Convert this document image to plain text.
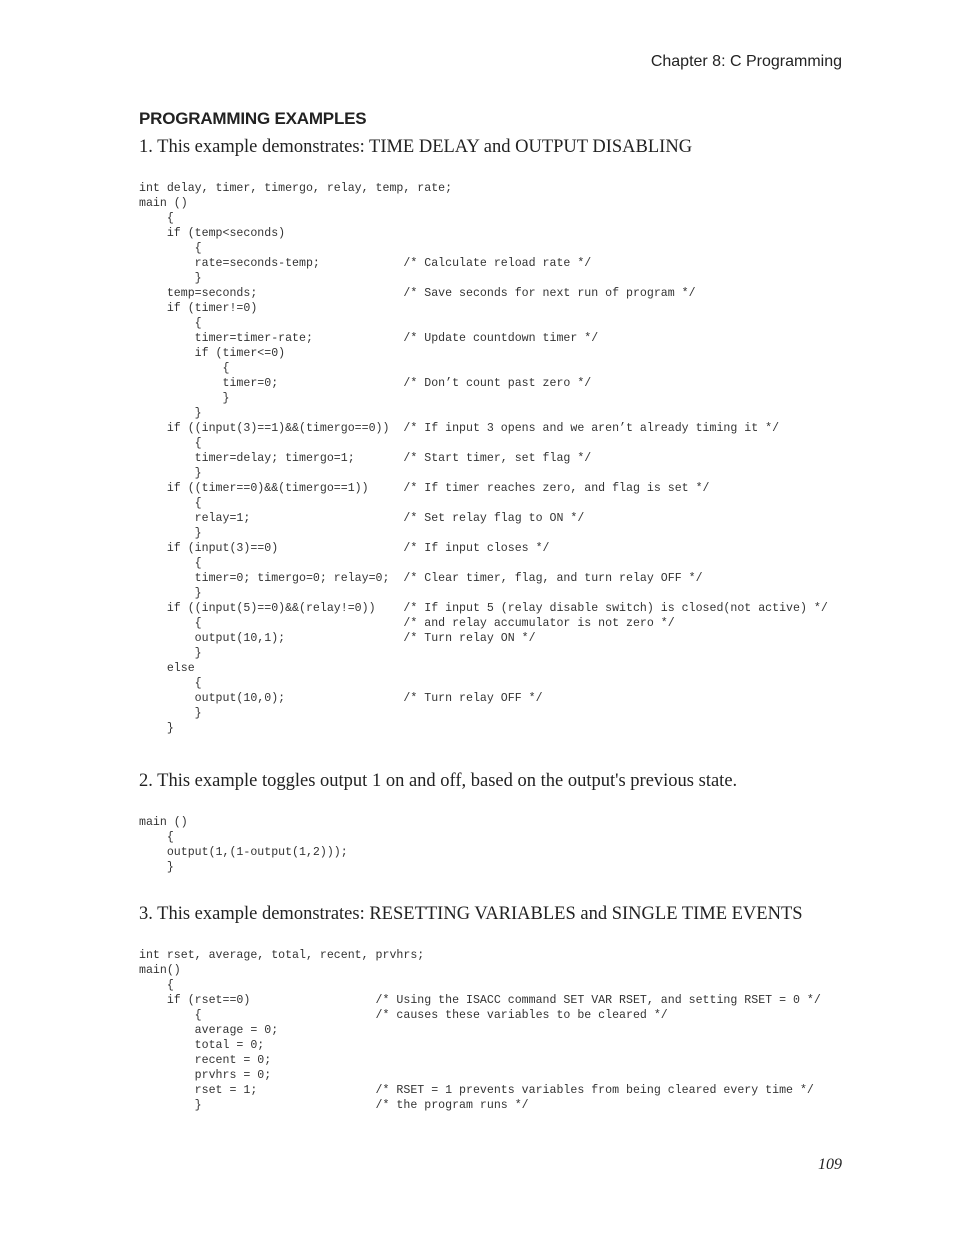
Chapter 8: C Programming
PROGRAMMING EXAMPLES
1. This example demonstrates: TIME DELAY and OUTPUT DISABLING
int delay, timer, timergo, relay, temp, rate;
main ()
{
if (temp<seconds)
{
rate=seconds-temp;            /* Calculate reload rate */
}
temp=seconds;                     /* Save seconds for next run of program */
if (timer!=0)
{
timer=timer-rate;             /* Update countdown timer */
if (timer<=0)
{
timer=0;                  /* Don’t count past zero */
}
}
if ((input(3)==1)&&(timergo==0))  /* If input 3 opens and we aren’t already timing it */
{
timer=delay; timergo=1;       /* Start timer, set flag */
}
if ((timer==0)&&(timergo==1))     /* If timer reaches zero, and flag is set */
{
relay=1;                      /* Set relay flag to ON */
}
if (input(3)==0)                  /* If input closes */
{
timer=0; timergo=0; relay=0;  /* Clear timer, flag, and turn relay OFF */
}
if ((input(5)==0)&&(relay!=0))    /* If input 5 (relay disable switch) is closed(not active) */
{                             /* and relay accumulator is not zero */
output(10,1);                 /* Turn relay ON */
}
else
{
output(10,0);                 /* Turn relay OFF */
}
}
2. This example toggles output 1 on and off, based on the output's previous state.
main ()
{
output(1,(1-output(1,2)));
}
3. This example demonstrates: RESETTING VARIABLES and SINGLE TIME EVENTS
int rset, average, total, recent, prvhrs;
main()
{
if (rset==0)                  /* Using the ISACC command SET VAR RSET, and setting RSET = 0 */
{                         /* causes these variables to be cleared */
average = 0;
total = 0;
recent = 0;
prvhrs = 0;
rset = 1;                 /* RSET = 1 prevents variables from being cleared every time */
}                         /* the program runs */
109
